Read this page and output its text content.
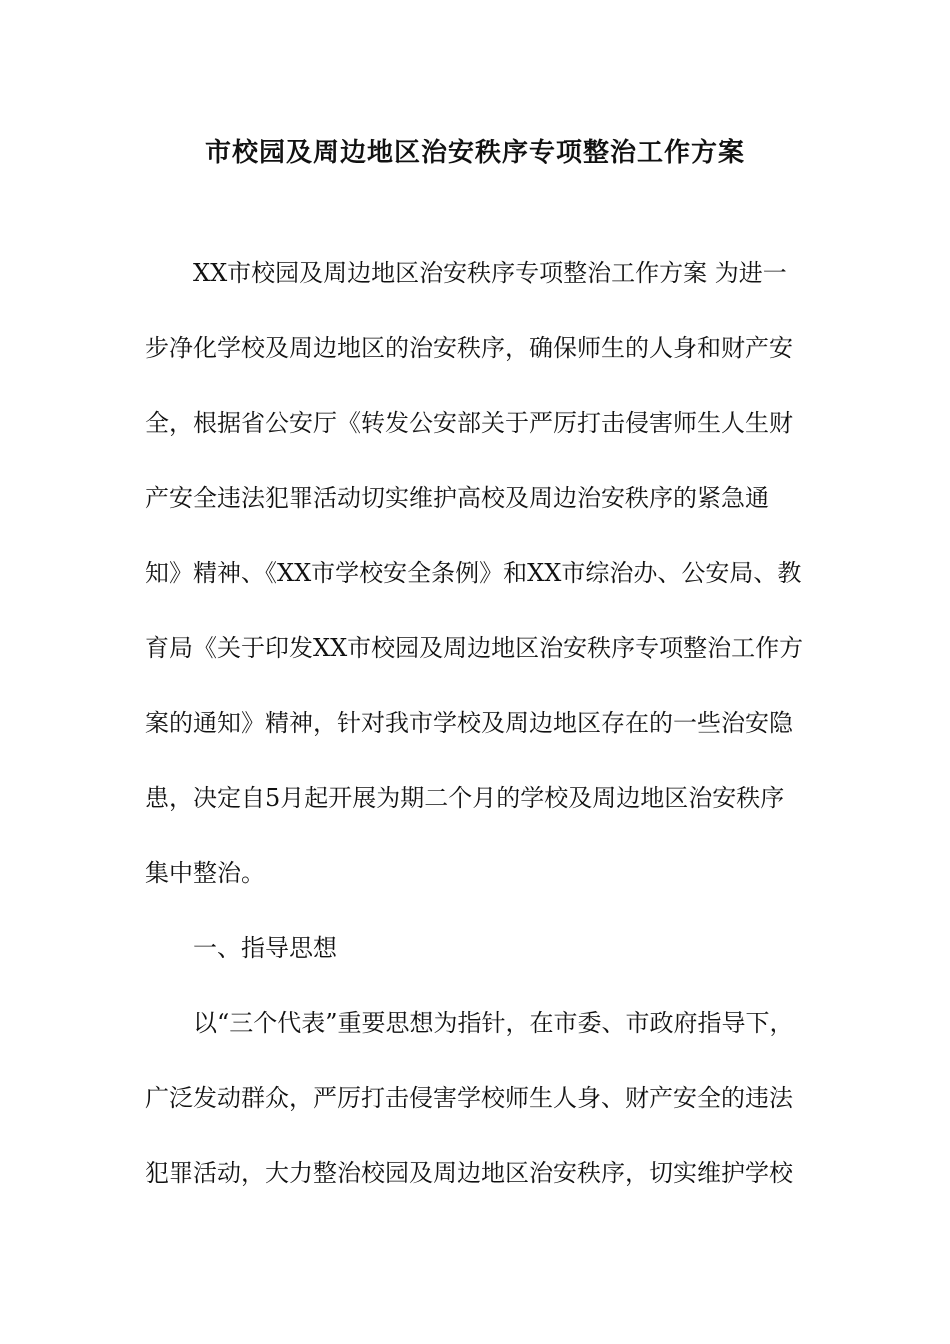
市校园及周边地区治安秩序专项整治工作方案
　　XX市校园及周边地区治安秩序专项整治工作方案 为进一
步净化学校及周边地区的治安秩序，确保师生的人身和财产安
全，根据省公安厅《转发公安部关于严厉打击侵害师生人生财
产安全违法犯罪活动切实维护高校及周边治安秩序的紧急通
知》精神、《XX市学校安全条例》和XX市综治办、公安局、教
育局《关于印发XX市校园及周边地区治安秩序专项整治工作方
案的通知》精神，针对我市学校及周边地区存在的一些治安隐
患，决定自5月起开展为期二个月的学校及周边地区治安秩序
集中整治。
　　一、指导思想
　　以“三个代表”重要思想为指针，在市委、市政府指导下，
广泛发动群众，严厉打击侵害学校师生人身、财产安全的违法
犯罪活动，大力整治校园及周边地区治安秩序，切实维护学校
